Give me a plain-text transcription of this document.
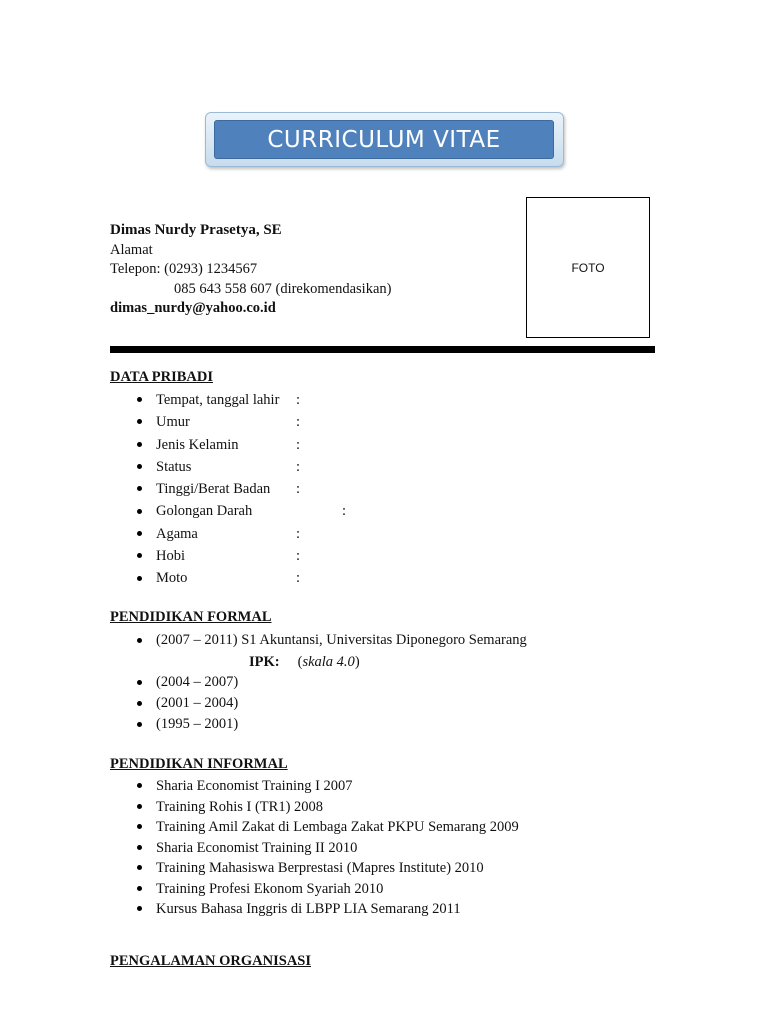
CURRICULUM VITAE
Dimas Nurdy Prasetya, SE
Alamat
Telepon: (0293) 1234567
085 643 558 607 (direkomendasikan)
dimas_nurdy@yahoo.co.id
FOTO
DATA PRIBADI
Tempat, tanggal lahir :
Umur	:
Jenis Kelamin	:
Status	:
Tinggi/Berat Badan :
Golongan Darah	:
Agama	:
Hobi	:
Moto	:
PENDIDIKAN FORMAL
(2007 – 2011) S1 Akuntansi, Universitas Diponegoro Semarang
IPK: (skala 4.0)
(2004 – 2007)
(2001 – 2004)
(1995 – 2001)
PENDIDIKAN INFORMAL
Sharia Economist Training I 2007
Training Rohis I (TR1) 2008
Training Amil Zakat di Lembaga Zakat PKPU Semarang 2009
Sharia Economist Training II 2010
Training Mahasiswa Berprestasi (Mapres Institute) 2010
Training Profesi Ekonom Syariah 2010
Kursus Bahasa Inggris di LBPP LIA Semarang 2011
PENGALAMAN ORGANISASI
